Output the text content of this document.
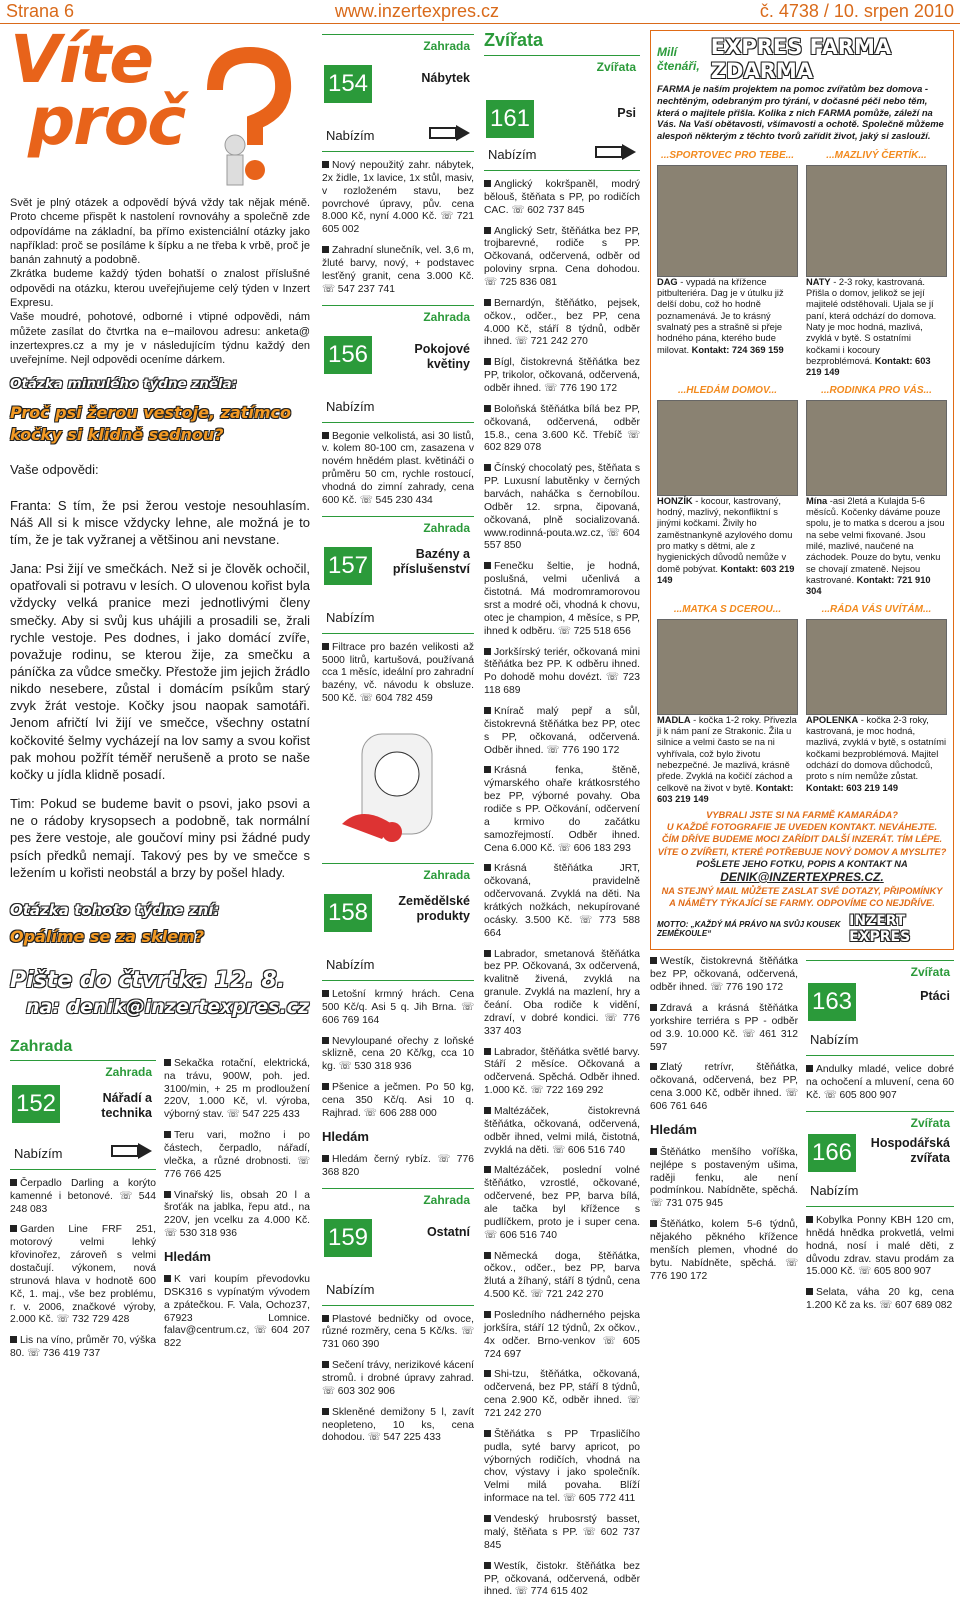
Strana 6	www.inzertexpres.cz	č. 4738 / 10. srpen 2010
Víte
proč

Svět je plný otázek a odpovědí bývá vždy tak nějak méně. Proto chceme přispět k nastolení rovnováhy a společně zde odpovídáme na základní, ba přímo existenciální otázky jako například: proč se posíláme k šípku a ne třeba k vrbě, proč je banán zahnutý a podobně.

Zkrátka budeme každý týden bohatší o znalost příslušné odpovědi na otázku, kterou uveřejňujeme celý týden v Inzert Expresu.

Vaše moudré, pohotové, odborné i vtipné odpovědi, nám můžete zasílat do čtvrtka na e−mailovou adresu: anketa@ inzertexpres.cz a my je v následujícím týdnu každý den uveřejníme. Nejl odpovědi oceníme dárkem.

Otázka minulého týdne zněla:
Proč psi žerou vestoje, zatímco kočky si klidně sednou?
Vaše odpovědi:

Franta: S tím, že psi žerou vestoje nesouhlasím. Náš All si k misce vždycky lehne, ale možná je to tím, že je tak vyžranej a většinou ani nevstane.

Jana: Psi žijí ve smečkách. Než si je člověk ochočil, opatřovali si potravu v lesích. O ulovenou kořist byla vždycky velká pranice mezi jednotlivými členy smečky. Aby si svůj kus uhájili a prosadili se, žrali rychle vestoje. Pes dodnes, i jako domácí zvíře, považuje rodinu, se kterou žije, za smečku a páníčka za vůdce smečky. Přestože jim jejich žrádlo nikdo nesebere, zůstal i domácím psíkům starý zvyk žrát vestoje. Kočky jsou naopak samotáři. Jenom afričtí lvi žijí ve smečce, všechny ostatní kočkovité šelmy vycházejí na lov samy a svou kořist pak mohou požřít téměř nerušeně a proto se naše kočky u jídla klidně posadí.

Tim: Pokud se budeme bavit o psovi, jako psovi a ne o rádoby krysopsech a podobně, tak normální pes žere vestoje, ale goučoví miny psi žádné pudy psích předků nemají. Takový pes by ve smečce s ležením u kořisti neobstál a brzy by pošel hlady.

Otázka tohoto týdne zní:
Opálíme se za sklem?
Pište do čtvrtka 12. 8.
na: denik@inzertexpres.cz
Zahrada
Zahrada
152	Nářadí a technika
Nabízím
Čerpadlo Darling a korýto kamenné i betonové. ☏ 544 248 083
Garden Line FRF 251, motorový velmi lehký křovinořez, zároveň s velmi dostačují. výkonem, nová strunová hlava v hodnotě 600 Kč, 1. maj., vše bez problému, r. v. 2006, značkové výroby, 2.000 Kč. ☏ 732 729 428
Lis na víno, průměr 70, výška 80. ☏ 736 419 737
Sekačka rotační, elektrická, na trávu, 900W, poh. jed. 3100/min, + 25 m prodloužení 220V, 1.000 Kč, vl. výroba, výborný stav. ☏ 547 225 433
Teru vari, možno i po částech, čerpadlo, nářadí, vlečka, a různé drobnosti. ☏ 776 766 425
Vinařský lis, obsah 20 l a šroťák na jablka, řepu atd., na 220V, jen vcelku za 4.000 Kč. ☏ 530 318 936
Hledám
K vari koupím převodovku DSK316 s vypínatým vývodem a zpátečkou. F. Vala, Ochoz37, 67923 Lomnice. falav@centrum.cz, ☏ 604 207 822
Zahrada
154	Nábytek
Nabízím
Nový nepoužitý zahr. nábytek, 2x židle, 1x lavice, 1x stůl, masiv, v rozloženém stavu, bez povrchové úpravy, pův. cena 8.000 Kč, nyní 4.000 Kč. ☏ 721 605 002
Zahradní slunečník, vel. 3,6 m, žluté barvy, nový, + podstavec lesťěný granit, cena 3.000 Kč. ☏ 547 237 741
Zahrada
156	Pokojové květiny
Nabízím
Begonie velkolistá, asi 30 listů, v. kolem 80-100 cm, zasazena v novém hnědém plast. květináči o průměru 50 cm, rychle rostoucí, vhodná do zimní zahrady, cena 600 Kč. ☏ 545 230 434
Zahrada
157	Bazény a příslušenství
Nabízím
Filtrace pro bazén velikosti až 5000 litrů, kartušová, používaná cca 1 měsíc, ideální pro zahradní bazény, vč. návodu k obsluze. 500 Kč. ☏ 604 782 459
Zahrada
158	Zemědělské produkty
Nabízím
Letošní krmný hrách. Cena 500 Kč/q. Asi 5 q. Jih Brna. ☏ 606 769 164
Nevyloupané ořechy z loňské sklizně, cena 20 Kč/kg, cca 10 kg. ☏ 530 318 936
Pšenice a ječmen. Po 50 kg, cena 350 Kč/q. Asi 10 q. Rajhrad. ☏ 606 288 000
Hledám
Hledám černý rybíz. ☏ 776 368 820
Zahrada
159	Ostatní
Nabízím
Plastové bedničky od ovoce, různé rozměry, cena 5 Kč/ks. ☏ 731 060 390
Sečení trávy, nerizikové kácení stromů. i drobné úpravy zahrad. ☏ 603 302 906
Skleněné demižony 5 l, zavít neopleteno, 10 ks, cena dohodou. ☏ 547 225 433
Zvířata
Zvířata
161	Psi
Nabízím
Anglický kokršpaněl, modrý bělouš, štěňata s PP, po rodičích CAC. ☏ 602 737 845
Anglický Setr, štěňátka bez PP, trojbarevné, rodiče s PP. Očkovaná, odčervená, odběr od poloviny srpna. Cena dohodou. ☏ 725 836 081
Bernardýn, štěňátko, pejsek, očkov., odčer., bez PP, cena 4.000 Kč, stáří 8 týdnů, odběr ihned. ☏ 721 242 270
Bígl, čistokrevná štěňátka bez PP, trikolor, očkovaná, odčervená, odběr ihned. ☏ 776 190 172
Boloňská štěňátka bílá bez PP, očkovaná, odčervená, odběr 15.8., cena 3.600 Kč. Třebíč ☏ 602 829 078
Čínský chocolatý pes, štěňata s PP. Luxusní labutěnky v černých barvách, naháčka s černobílou. Odběr 12. srpna, čipovaná, očkovaná, plně socializovaná. www.rodinná-pouta.wz.cz, ☏ 604 557 850
Fenečku šeltie, je hodná, poslušná, velmi učenlivá a čistotná. Má modromramorovou srst a modré oči, vhodná k chovu, otec je champion, 4 měsíce, s PP, ihned k odběru. ☏ 725 518 656
Jorkšírský teriér, očkovaná mini štěňátka bez PP. K odběru ihned. Po dohodě mohu dovézt. ☏ 723 118 689
Knírač malý pepř a sůl, čistokrevná štěňátka bez PP, otec s PP, očkovaná, odčervená. Odběr ihned. ☏ 776 190 172
Krásná fenka, štěně, výmarského ohaře krátkosrstého bez PP, výborné povahy. Oba rodiče s PP. Očkování, odčervení a krmivo do začátku samozřejmostí. Odběr ihned. Cena 6.000 Kč. ☏ 606 183 293
Krásná štěňátka JRT, očkovaná, pravidelně odčervovaná. Zvyklá na děti. Na krátkých nožkách, nekupírované ocásky. 3.500 Kč. ☏ 773 588 664
Labrador, smetanová štěňátka bez PP. Očkovaná, 3x odčervená, kvalitně živená, zvyklá na granule. Zvyklá na mazlení, hry a čeání. Oba rodiče k vidění, zdraví, v dobré kondici. ☏ 776 337 403
Labrador, štěňátka světlé barvy. Stáří 2 měsíce. Očkovaná a odčervená. Spěchá. Odběr ihned. 1.000 Kč. ☏ 722 169 292
Maltézáček, čistokrevná štěňátka, očkovaná, odčervená, odběr ihned, velmi milá, čistotná, zvyklá na děti. ☏ 606 516 740
Maltézáček, poslední volné štěňátko, vzrostlé, očkované, odčervené, bez PP, barva bílá, ale tačka byl křížence s pudlíčkem, proto je i super cena. ☏ 606 516 740
Německá doga, štěňátka, očkov., odčer., bez PP, barva žlutá a žíhaný, stáří 8 týdnů, cena 4.500 Kč. ☏ 721 242 270
Posledního nádherného pejska jorkšíra, stáří 12 týdnů, 2x očkov., 4x odčer. Brno-venkov ☏ 605 724 697
Shi-tzu, štěňátka, očkovaná, odčervená, bez PP, stáří 8 týdnů, cena 2.900 Kč, odběr ihned. ☏ 721 242 270
Štěňátka s PP Trpasličího pudla, syté barvy apricot, po výborných rodičích, vhodná na chov, výstavy i jako společník. Velmi milá povaha. Blíží informace na tel. ☏ 605 772 411
Vendeský hrubosrstý basset, malý, štěňata s PP. ☏ 602 737 845
Westík, čistokr. štěňátka bez PP, očkovaná, odčervená, odběr ihned. ☏ 774 615 402
Milí čtenáři,
EXPRES FARMA ZDARMA
FARMA je naším projektem na pomoc zvířatům bez domova - nechtěným, odebraným pro týrání, v dočasné péči nebo těm, která o majitele přišla. Kolika z nich FARMA pomůže, záleží na Vás. Na Vaší obětavosti, všímavosti a ochotě. Společně můžeme alespoň některým z těchto tvorů zařídit život, jaký si zaslouží.
...SPORTOVEC PRO TEBE...
DAG - vypadá na křížence pitbulteriéra. Dag je v útulku již delší dobu, což ho hodně poznamenává. Je to krásný svalnatý pes a strašně si přeje hodného pána, kterého bude milovat. Kontakt: 724 369 159
...MAZLIVÝ ČERTÍK...
NATY - 2-3 roky, kastrovaná. Přišla o domov, jelikož se její majitelé odstěhovali. Ujala se jí paní, která odchází do domova. Naty je moc hodná, mazlivá, zvyklá v bytě. S ostatními kočkami i kocoury bezproblémová. Kontakt: 603 219 149
...HLEDÁM DOMOV...
HONZÍK - kocour, kastrovaný, hodný, mazlivý, nekonfliktní s jinými kočkami. Živily ho zaměstnankyně azylového domu pro matky s dětmi, ale z hygienických důvodů nemůže v domě pobývat. Kontakt: 603 219 149
...RODINKA PRO VÁS...
Mína -asi 2letá a Kulajda 5-6 měsíců. Kočenky dáváme pouze spolu, je to matka s dcerou a jsou na sebe velmi fixované. Jsou milé, mazlivé, naučené na záchodek. Pouze do bytu, venku se chovají zmateně. Nejsou kastrované. Kontakt: 721 910 304
...MATKA S DCEROU...
MADLA - kočka 1-2 roky. Přivezla ji k nám paní ze Strakonic. Žila u silnice a velmi často se na ni vyhřívala, což bylo životu nebezpečné. Je mazlivá, krásně přede. Zvyklá na kočičí záchod a celkově na život v bytě. Kontakt: 603 219 149
...RÁDA VÁS UVÍTÁM...
APOLENKA - kočka 2-3 roky, kastrovaná, je moc hodná, mazlivá, zvyklá v bytě, s ostatními kočkami bezproblémová. Majitel odchází do domova důchodců, proto s ním nemůže zůstat. Kontakt: 603 219 149
VYBRALI JSTE SI NA FARMĚ KAMARÁDA?
U KAŽDÉ FOTOGRAFIE JE UVEDEN KONTAKT. NEVÁHEJTE.
ČÍM DŘÍVE BUDEME MOCI ZAŘÍDIT DALŠÍ INZERÁT. TÍM LÉPE.
VÍTE O ZVÍŘETI, KTERÉ POTŘEBUJE NOVÝ DOMOV A MYSLITE?
POŠLETE JEHO FOTKU, POPIS A KONTAKT NA
DENIK@INZERTEXPRES.CZ.
NA STEJNÝ MAIL MŮŽETE ZASLAT SVÉ DOTAZY, PŘIPOMÍNKY
A NÁMĚTY TÝKAJÍCÍ SE FARMY. ODPOVÍME CO NEJDŘÍVE.
MOTTO: „KAŽDÝ MÁ PRÁVO NA SVŮJ KOUSEK ZEMĚKOULE“
INZERT EXPRES
Westík, čistokrevná štěňátka bez PP, očkovaná, odčervená, odběr ihned. ☏ 776 190 172
Zdravá a krásná štěňátka yorkshire terriéra s PP - odběr od 3.9. 10.000 Kč. ☏ 461 312 597
Zlatý retrívr, štěňátka, očkovaná, odčervená, bez PP, cena 3.000 Kč, odběr ihned. ☏ 606 761 646
Hledám
Štěňátko menšího voříška, nejlépe s postaveným ušima, raději fenku, ale není podmínkou. Nabídněte, spěchá. ☏ 731 075 945
Štěňátko, kolem 5-6 týdnů, nějakého pěkného křížence menších plemen, vhodné do bytu. Nabídněte, spěchá. ☏ 776 190 172
Zvířata
163	Ptáci
Nabízím
Andulky mladé, velice dobré na ochočení a mluvení, cena 60 Kč. ☏ 605 800 907
Zvířata
166	Hospodářská zvířata
Nabízím
Kobylka Ponny KBH 120 cm, hnědá hnědka prokvetlá, velmi hodná, nosí i malé děti, z důvodu zdrav. stavu prodám za 15.000 Kč. ☏ 605 800 907
Selata, váha 20 kg, cena 1.200 Kč za ks. ☏ 607 689 082
